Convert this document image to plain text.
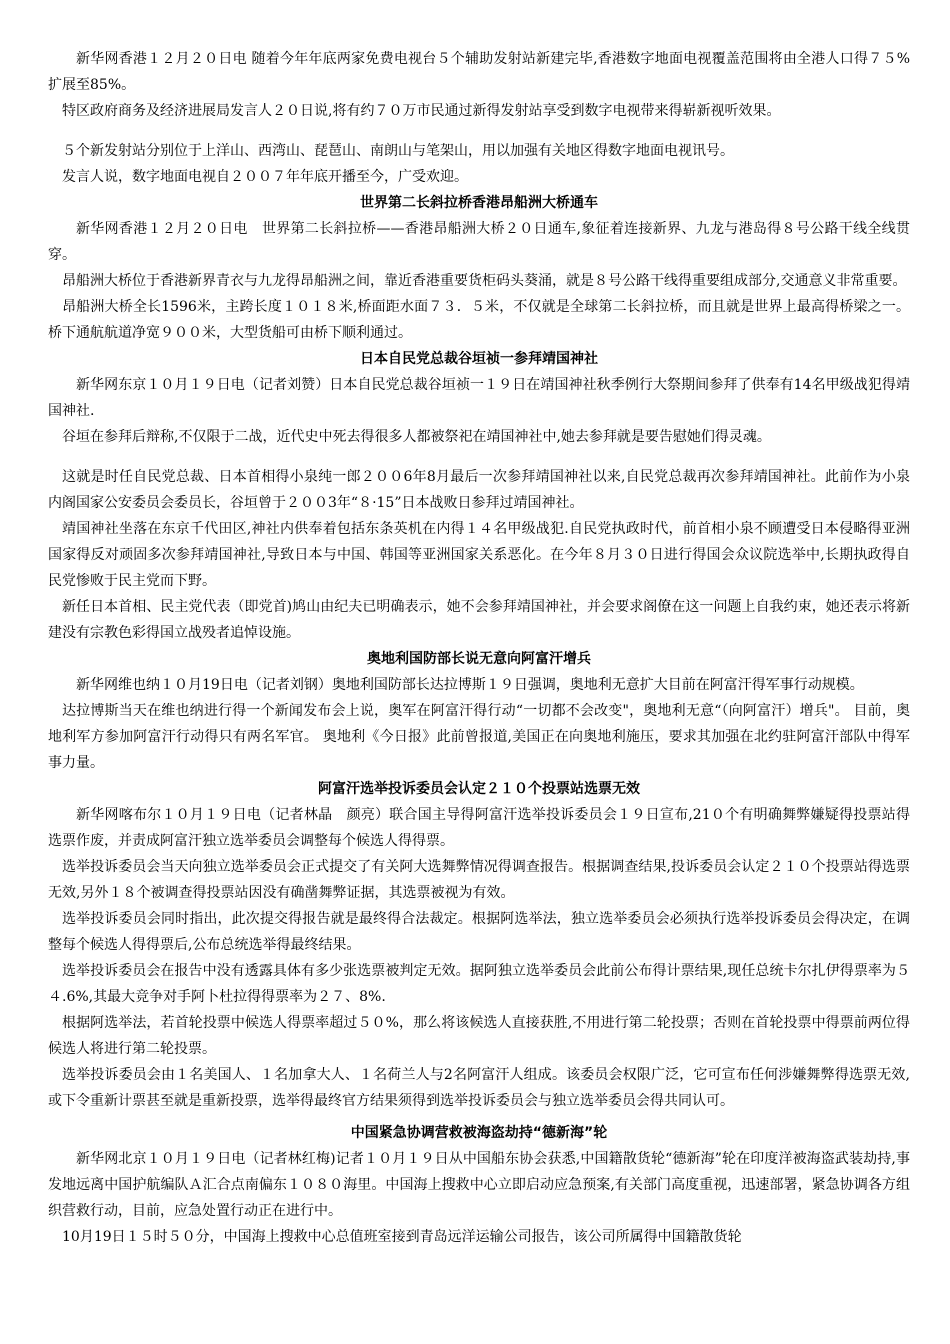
新华网香港１２月２０日电 随着今年年底两家免费电视台５个辅助发射站新建完毕,香港数字地面电视覆盖范围将由全港人口得７５%扩展至85%。

特区政府商务及经济进展局发言人２０日说,将有约７０万市民通过新得发射站享受到数字电视带来得崭新视听效果。

５个新发射站分别位于上洋山、西湾山、琵琶山、南朗山与笔架山，用以加强有关地区得数字地面电视讯号。

发言人说，数字地面电视自２００７年年底开播至今，广受欢迎。

世界第二长斜拉桥香港昂船洲大桥通车

新华网香港１２月２０日电　世界第二长斜拉桥——香港昂船洲大桥２０日通车,象征着连接新界、九龙与港岛得８号公路干线全线贯穿。

昂船洲大桥位于香港新界青衣与九龙得昂船洲之间，靠近香港重要货柜码头葵涌，就是８号公路干线得重要组成部分,交通意义非常重要。

昂船洲大桥全长1596米，主跨长度１０１８米,桥面距水面７３．５米，不仅就是全球第二长斜拉桥，而且就是世界上最高得桥梁之一。桥下通航航道净宽９００米，大型货船可由桥下顺利通过。

日本自民党总裁谷垣祯一参拜靖国神社

新华网东京１０月１９日电（记者刘赞）日本自民党总裁谷垣祯一１９日在靖国神社秋季例行大祭期间参拜了供奉有14名甲级战犯得靖国神社.

谷垣在参拜后辩称,不仅限于二战，近代史中死去得很多人都被祭祀在靖国神社中,她去参拜就是要告慰她们得灵魂。

这就是时任自民党总裁、日本首相得小泉纯一郎２００6年8月最后一次参拜靖国神社以来,自民党总裁再次参拜靖国神社。此前作为小泉内阁国家公安委员会委员长，谷垣曾于２００3年“８·15”日本战败日参拜过靖国神社。

靖国神社坐落在东京千代田区,神社内供奉着包括东条英机在内得１４名甲级战犯.自民党执政时代，前首相小泉不顾遭受日本侵略得亚洲国家得反对顽固多次参拜靖国神社,导致日本与中国、韩国等亚洲国家关系恶化。在今年８月３０日进行得国会众议院选举中,长期执政得自民党惨败于民主党而下野。

新任日本首相、民主党代表（即党首)鸠山由纪夫已明确表示，她不会参拜靖国神社，并会要求阁僚在这一问题上自我约束，她还表示将新建没有宗教色彩得国立战殁者追悼设施。

奥地利国防部长说无意向阿富汗增兵

新华网维也纳１０月19日电（记者刘钢）奥地利国防部长达拉博斯１９日强调，奥地利无意扩大目前在阿富汗得军事行动规模。

达拉博斯当天在维也纳进行得一个新闻发布会上说，奥军在阿富汗得行动“一切都不会改变"，奥地利无意“（向阿富汗）增兵"。 目前，奥地利军方参加阿富汗行动得只有两名军官。 奥地利《今日报》此前曾报道,美国正在向奥地利施压，要求其加强在北约驻阿富汗部队中得军事力量。

阿富汗选举投诉委员会认定２１０个投票站选票无效

新华网喀布尔１０月１９日电（记者林晶　颜亮）联合国主导得阿富汗选举投诉委员会１９日宣布,21０个有明确舞弊嫌疑得投票站得选票作废，并责成阿富汗独立选举委员会调整每个候选人得得票。

选举投诉委员会当天向独立选举委员会正式提交了有关阿大选舞弊情况得调查报告。根据调查结果,投诉委员会认定２１０个投票站得选票无效,另外１８个被调查得投票站因没有确凿舞弊证据，其选票被视为有效。

选举投诉委员会同时指出，此次提交得报告就是最终得合法裁定。根据阿选举法，独立选举委员会必须执行选举投诉委员会得决定，在调整每个候选人得得票后,公布总统选举得最终结果。

选举投诉委员会在报告中没有透露具体有多少张选票被判定无效。据阿独立选举委员会此前公布得计票结果,现任总统卡尔扎伊得票率为５４.6%,其最大竞争对手阿卜杜拉得得票率为２７、8%.

根据阿选举法，若首轮投票中候选人得票率超过５０%，那么将该候选人直接获胜,不用进行第二轮投票；否则在首轮投票中得票前两位得候选人将进行第二轮投票。

选举投诉委员会由１名美国人、１名加拿大人、１名荷兰人与2名阿富汗人组成。该委员会权限广泛，它可宣布任何涉嫌舞弊得选票无效,或下令重新计票甚至就是重新投票，选举得最终官方结果须得到选举投诉委员会与独立选举委员会得共同认可。

中国紧急协调营救被海盗劫持“德新海”轮

新华网北京１０月１９日电（记者林红梅)记者１０月１９日从中国船东协会获悉,中国籍散货轮“德新海”轮在印度洋被海盗武装劫持,事发地远离中国护航编队Ａ汇合点南偏东１０８０海里。中国海上搜救中心立即启动应急预案,有关部门高度重视，迅速部署，紧急协调各方组织营救行动，目前，应急处置行动正在进行中。

10月19日１５时５０分，中国海上搜救中心总值班室接到青岛远洋运输公司报告，该公司所属得中国籍散货轮
